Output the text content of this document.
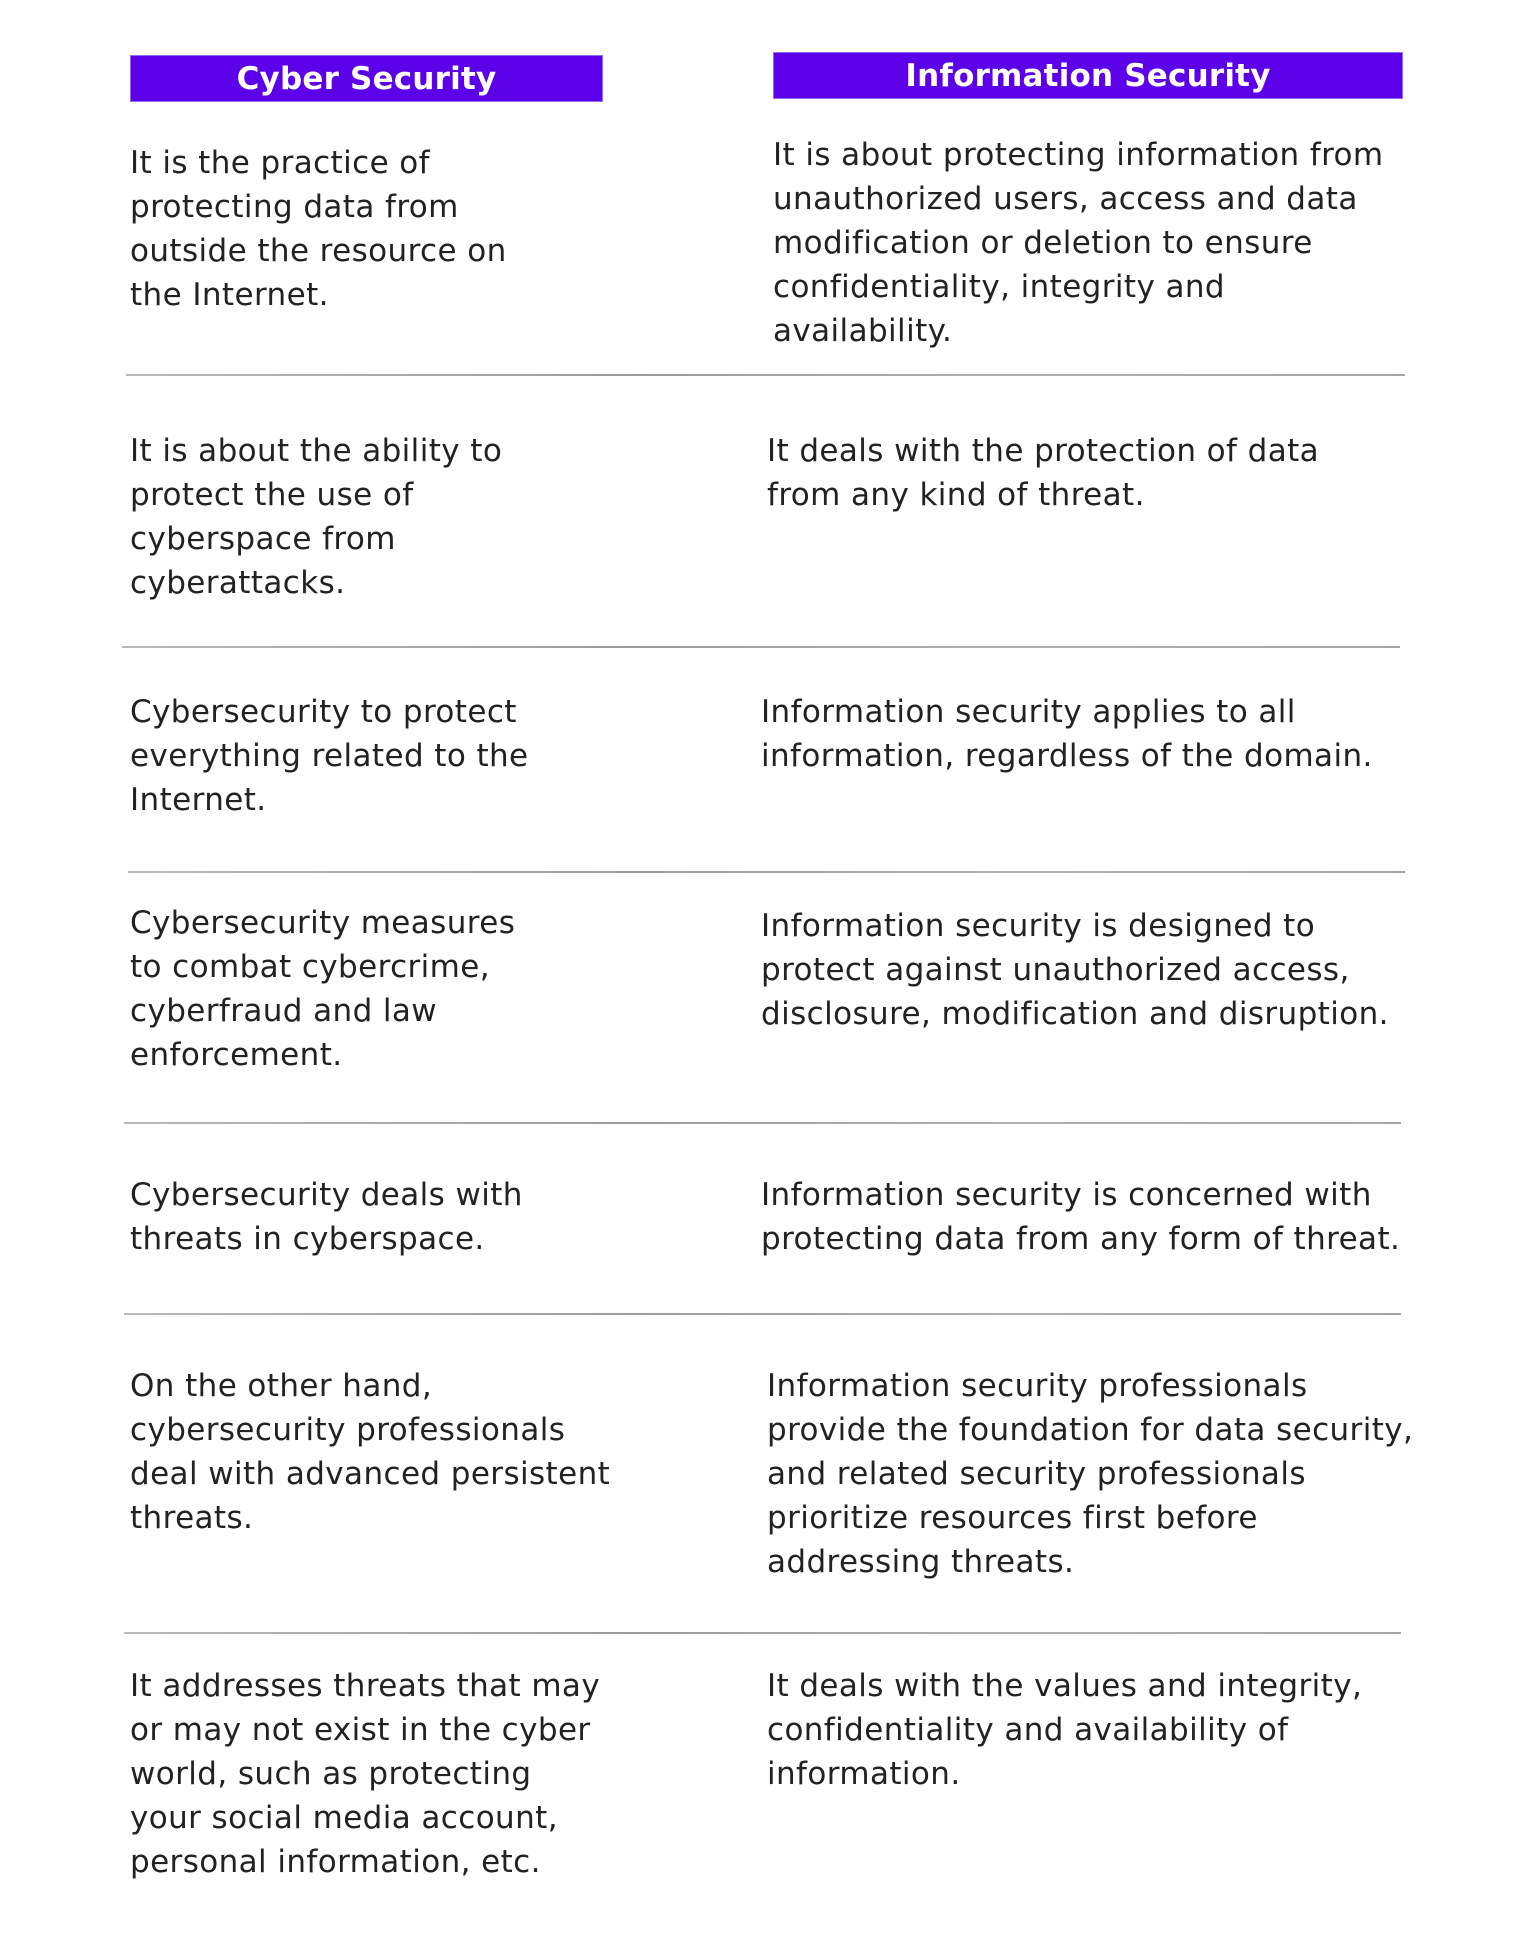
Cyber Security	Information Security
It is the practice of
protecting data from
outside the resource on
the Internet.
It is about protecting information from
unauthorized users, access and data
modification or deletion to ensure
confidentiality, integrity and
availability.
It is about the ability to
protect the use of
cyberspace from
cyberattacks.
It deals with the protection of data
from any kind of threat.
Cybersecurity to protect
everything related to the
Internet.
Information security applies to all
information, regardless of the domain.
Cybersecurity measures
to combat cybercrime,
cyberfraud and law
enforcement.
Information security is designed to
protect against unauthorized access,
disclosure, modification and disruption.
Cybersecurity deals with
threats in cyberspace.
Information security is concerned with
protecting data from any form of threat.
On the other hand,
cybersecurity professionals
deal with advanced persistent
threats.
Information security professionals
provide the foundation for data security,
and related security professionals
prioritize resources first before
addressing threats.
It addresses threats that may
or may not exist in the cyber
world, such as protecting
your social media account,
personal information, etc.
It deals with the values and integrity,
confidentiality and availability of
information.
